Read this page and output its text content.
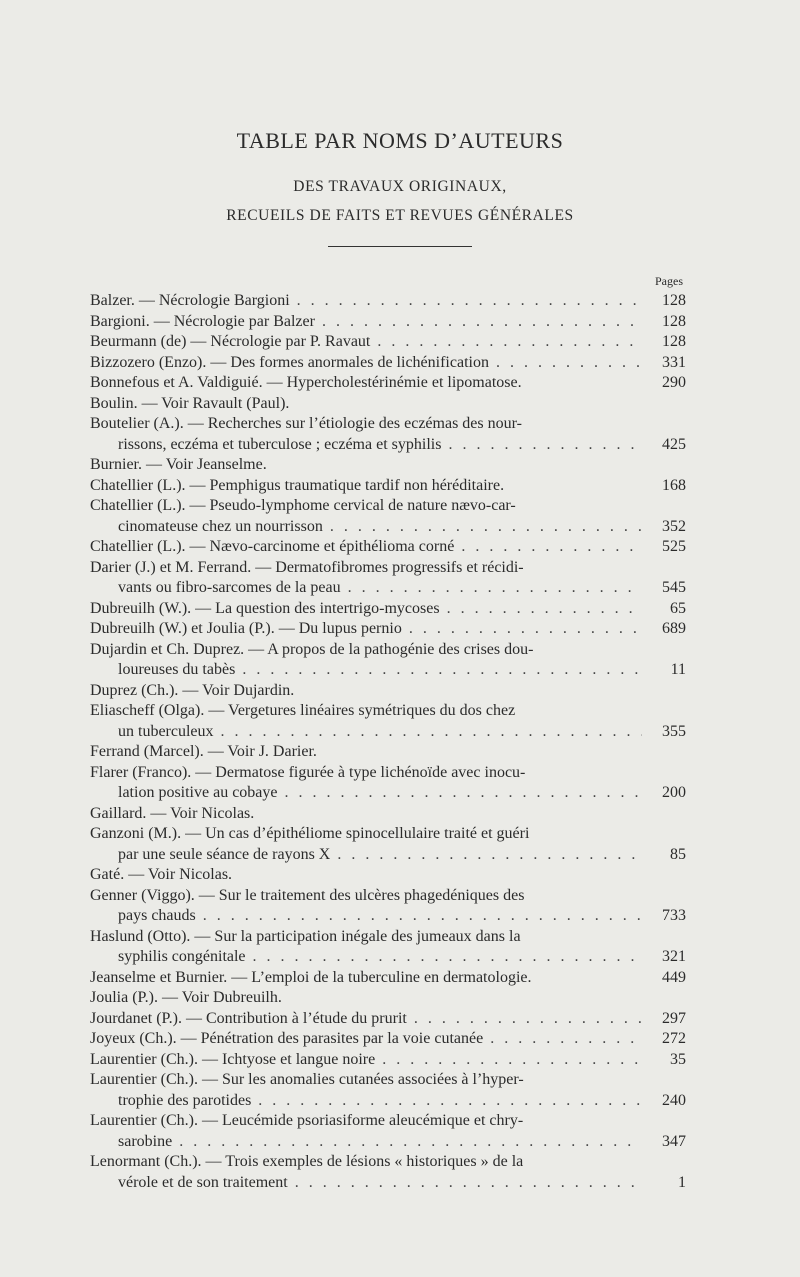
TABLE PAR NOMS D’AUTEURS

DES TRAVAUX ORIGINAUX,

RECUEILS DE FAITS ET REVUES GÉNÉRALES

Pages
Balzer. — Nécrologie Bargioni . . .	128
Bargioni. — Nécrologie par Balzer . . .	128
Beurmann (de) — Nécrologie par P. Ravaut . . .	128
Bizzozero (Enzo). — Des formes anormales de lichénification . . .	331
Bonnefous et A. Valdiguié. — Hypercholestérinémie et lipomatose.	290
Boulin. — Voir Ravault (Paul).
Boutelier (A.). — Recherches sur l’étiologie des eczémas des nour-
rissons, eczéma et tuberculose ; eczéma et syphilis . . .	425
Burnier. — Voir Jeanselme.
Chatellier (L.). — Pemphigus traumatique tardif non héréditaire.	168
Chatellier (L.). — Pseudo-lymphome cervical de nature nævo-car-
cinomateuse chez un nourrisson . . .	352
Chatellier (L.). — Nævo-carcinome et épithélioma corné . . .	525
Darier (J.) et M. Ferrand. — Dermatofibromes progressifs et récidi-
vants ou fibro-sarcomes de la peau . . .	545
Dubreuilh (W.). — La question des intertrigo-mycoses . . .	65
Dubreuilh (W.) et Joulia (P.). — Du lupus pernio . . .	689
Dujardin et Ch. Duprez. — A propos de la pathogénie des crises dou-
loureuses du tabès . . .	11
Duprez (Ch.). — Voir Dujardin.
Eliascheff (Olga). — Vergetures linéaires symétriques du dos chez
un tuberculeux . . .	355
Ferrand (Marcel). — Voir J. Darier.
Flarer (Franco). — Dermatose figurée à type lichénoïde avec inocu-
lation positive au cobaye . . .	200
Gaillard. — Voir Nicolas.
Ganzoni (M.). — Un cas d’épithéliome spinocellulaire traité et guéri
par une seule séance de rayons X . . .	85
Gaté. — Voir Nicolas.
Genner (Viggo). — Sur le traitement des ulcères phagedéniques des
pays chauds . . .	733
Haslund (Otto). — Sur la participation inégale des jumeaux dans la
syphilis congénitale . . .	321
Jeanselme et Burnier. — L’emploi de la tuberculine en dermatologie.	449
Joulia (P.). — Voir Dubreuilh.
Jourdanet (P.). — Contribution à l’étude du prurit . . .	297
Joyeux (Ch.). — Pénétration des parasites par la voie cutanée . . .	272
Laurentier (Ch.). — Ichtyose et langue noire . . .	35
Laurentier (Ch.). — Sur les anomalies cutanées associées à l’hyper-
trophie des parotides . . .	240
Laurentier (Ch.). — Leucémide psoriasiforme aleucémique et chry-
sarobine . . .	347
Lenormant (Ch.). — Trois exemples de lésions « historiques » de la
vérole et de son traitement . . .	1
